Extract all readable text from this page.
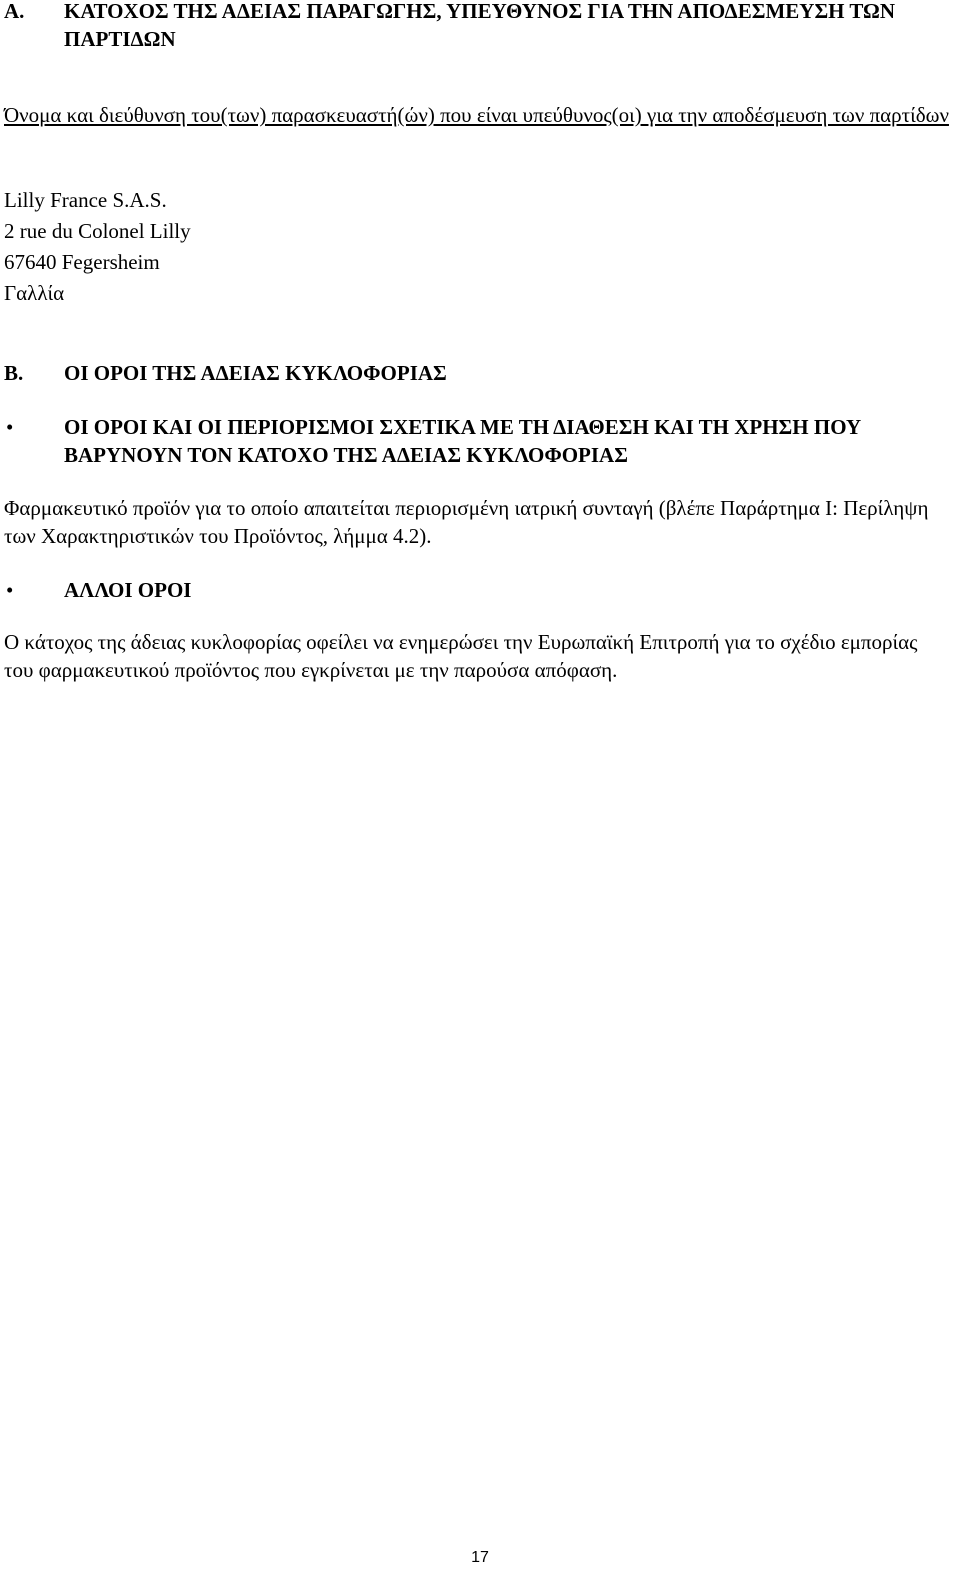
A. ΚΑΤΟΧΟΣ ΤΗΣ ΑΔΕΙΑΣ ΠΑΡΑΓΩΓΗΣ, ΥΠΕΥΘΥΝΟΣ ΓΙΑ ΤΗΝ ΑΠΟΔΕΣΜΕΥΣΗ ΤΩΝ ΠΑΡΤΙΔΩΝ
Όνομα και διεύθυνση του(των) παρασκευαστή(ών) που είναι υπεύθυνος(οι) για την αποδέσμευση των παρτίδων
Lilly France S.A.S.
2 rue du Colonel Lilly
67640 Fegersheim
Γαλλία
B. ΟΙ ΟΡΟΙ ΤΗΣ ΑΔΕΙΑΣ ΚΥΚΛΟΦΟΡΙΑΣ
• ΟΙ ΟΡΟΙ ΚΑΙ ΟΙ ΠΕΡΙΟΡΙΣΜΟΙ ΣΧΕΤΙΚΑ ΜΕ ΤΗ ΔΙΑΘΕΣΗ ΚΑΙ ΤΗ ΧΡΗΣΗ ΠΟΥ ΒΑΡΥΝΟΥΝ ΤΟΝ ΚΑΤΟΧΟ ΤΗΣ ΑΔΕΙΑΣ ΚΥΚΛΟΦΟΡΙΑΣ
Φαρμακευτικό προϊόν για το οποίο απαιτείται περιορισμένη ιατρική συνταγή (βλέπε Παράρτημα I: Περίληψη των Χαρακτηριστικών του Προϊόντος, λήμμα 4.2).
• ΑΛΛΟΙ ΟΡΟΙ
Ο κάτοχος της άδειας κυκλοφορίας οφείλει να ενημερώσει την Ευρωπαϊκή Επιτροπή για το σχέδιο εμπορίας του φαρμακευτικού προϊόντος που εγκρίνεται με την παρούσα απόφαση.
17
